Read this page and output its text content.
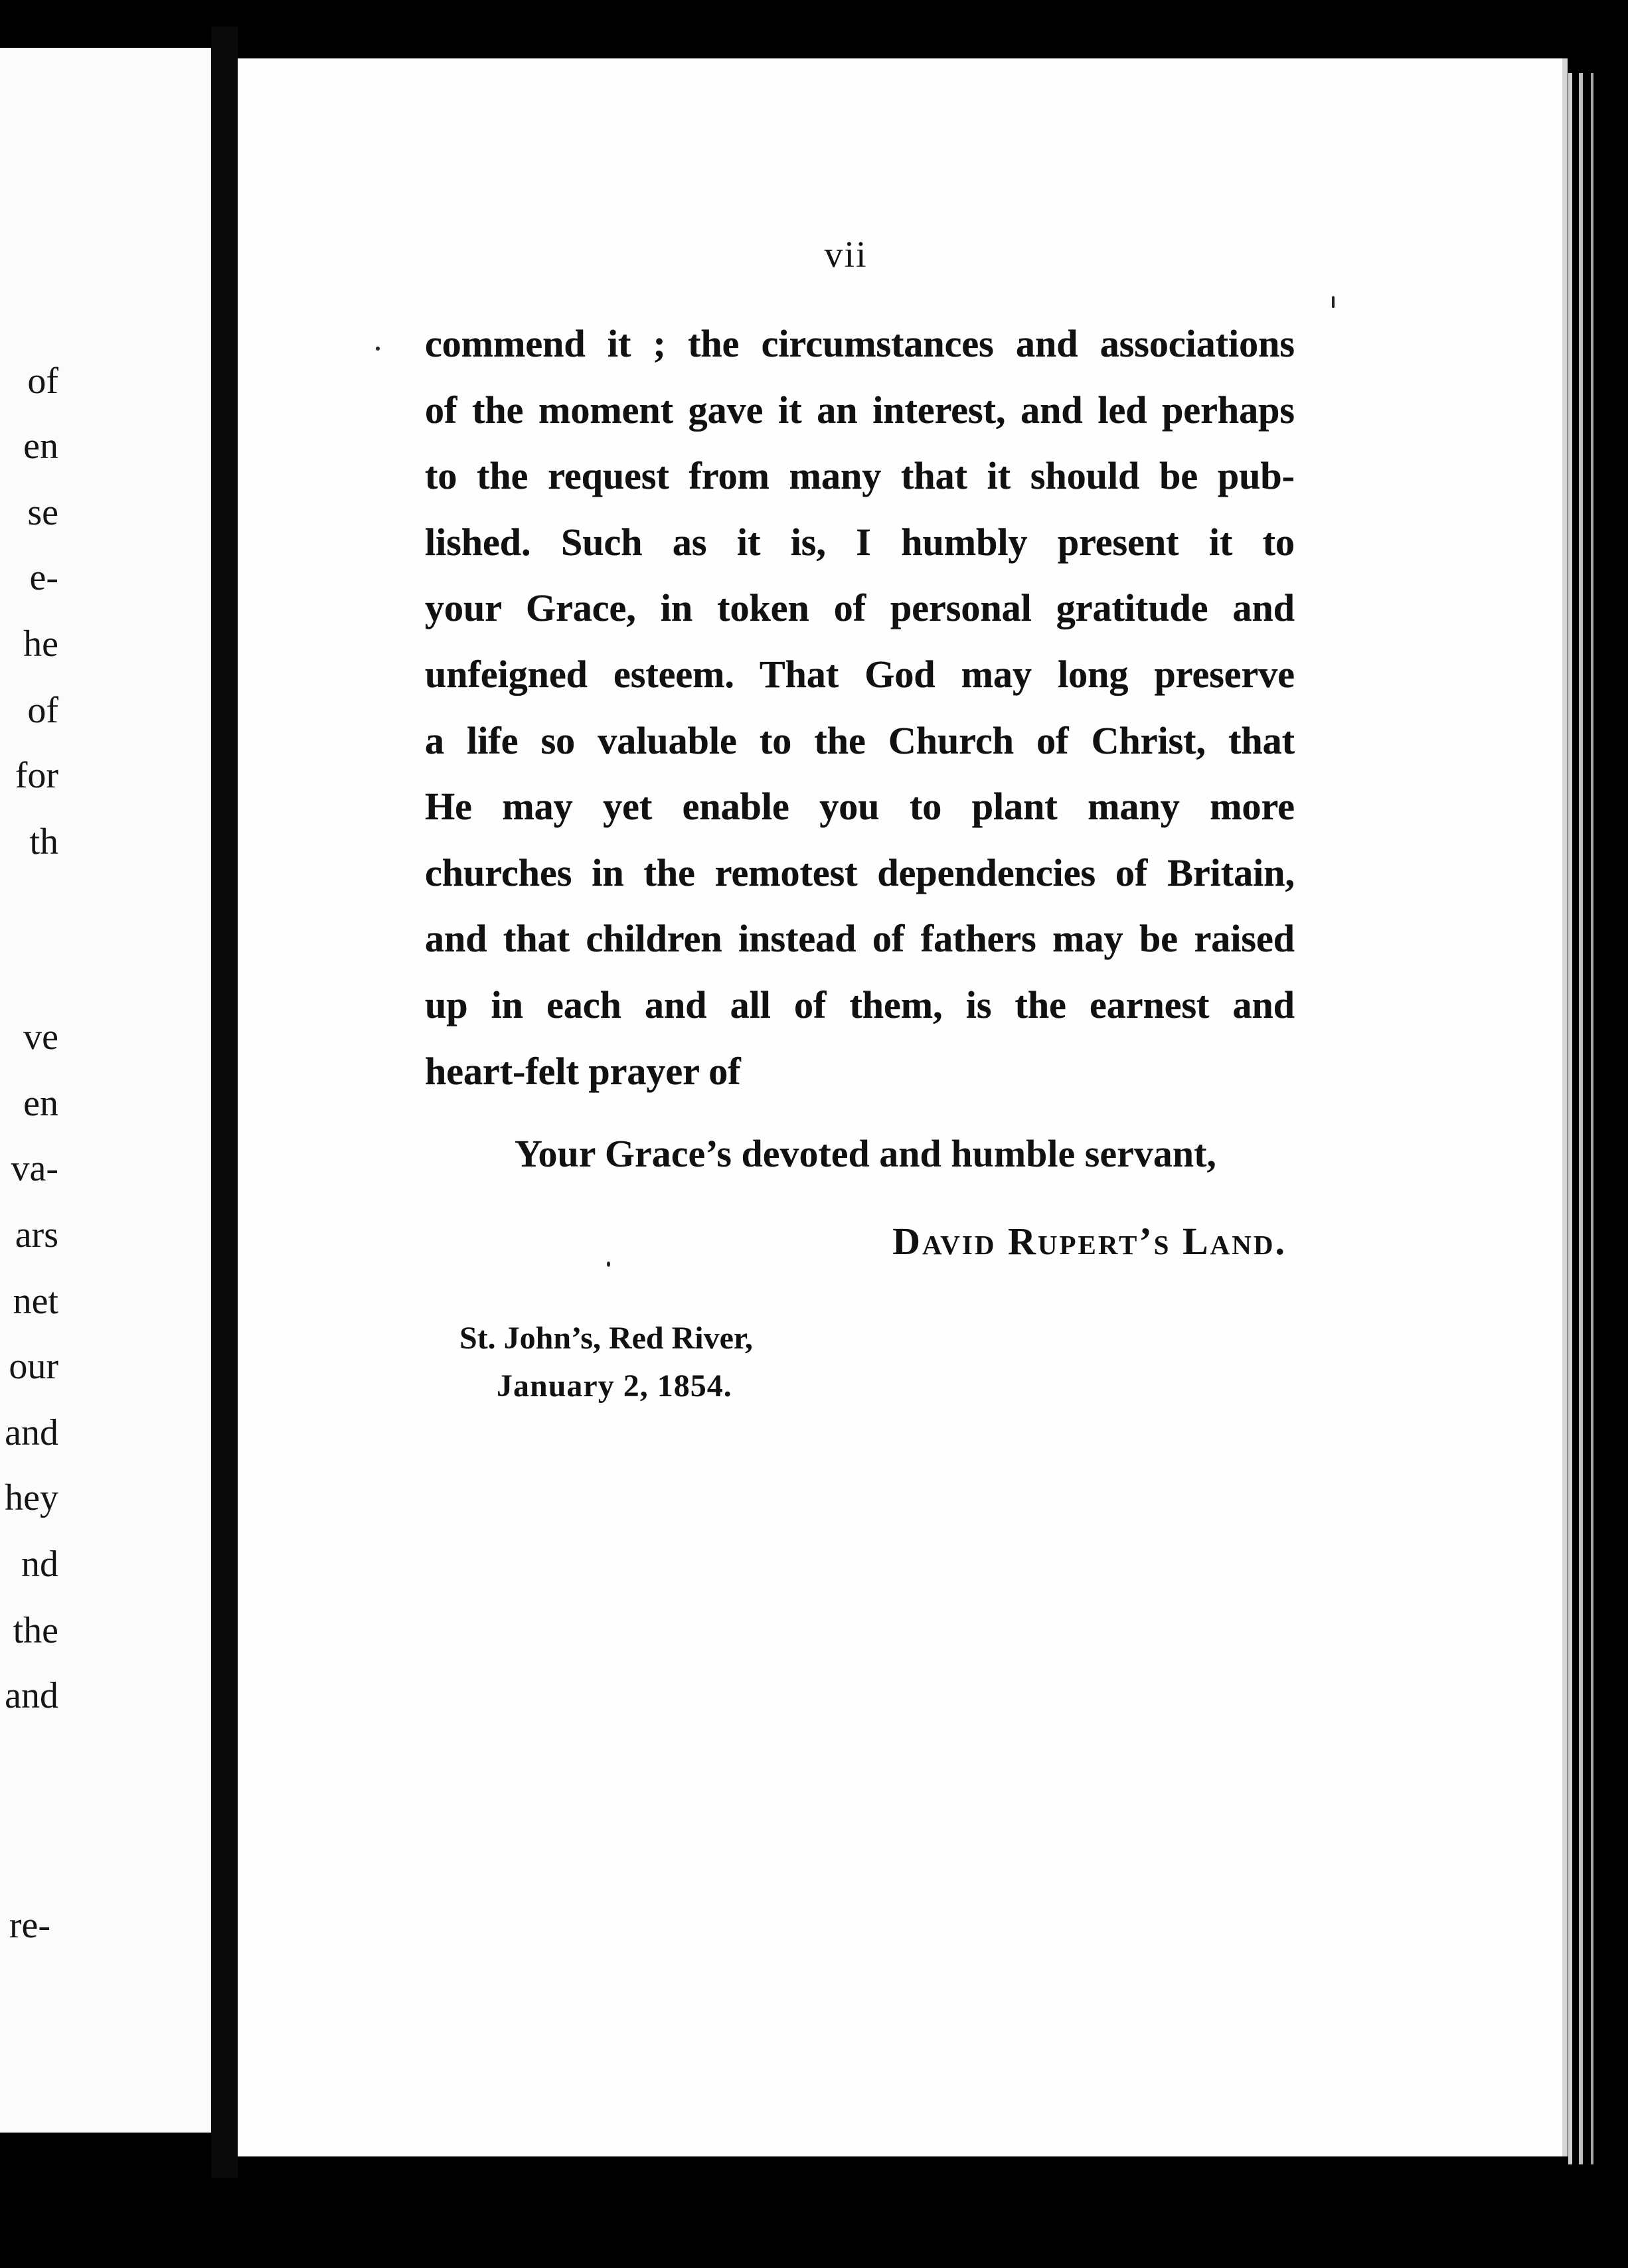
of
en
se
e-
he
of
for
th
ve
en
va-
ars
net
our
and
hey
nd
the
and
re-
vii
commend it ; the circumstances and associations
of the moment gave it an interest, and led perhaps
to the request from many that it should be pub-
lished. Such as it is, I humbly present it to
your Grace, in token of personal gratitude and
unfeigned esteem. That God may long preserve
a life so valuable to the Church of Christ, that
He may yet enable you to plant many more
churches in the remotest dependencies of Britain,
and that children instead of fathers may be raised
up in each and all of them, is the earnest and
heart-felt prayer of
Your Grace’s devoted and humble servant,
David Rupert’s Land.
St. John’s, Red River,
January 2, 1854.
